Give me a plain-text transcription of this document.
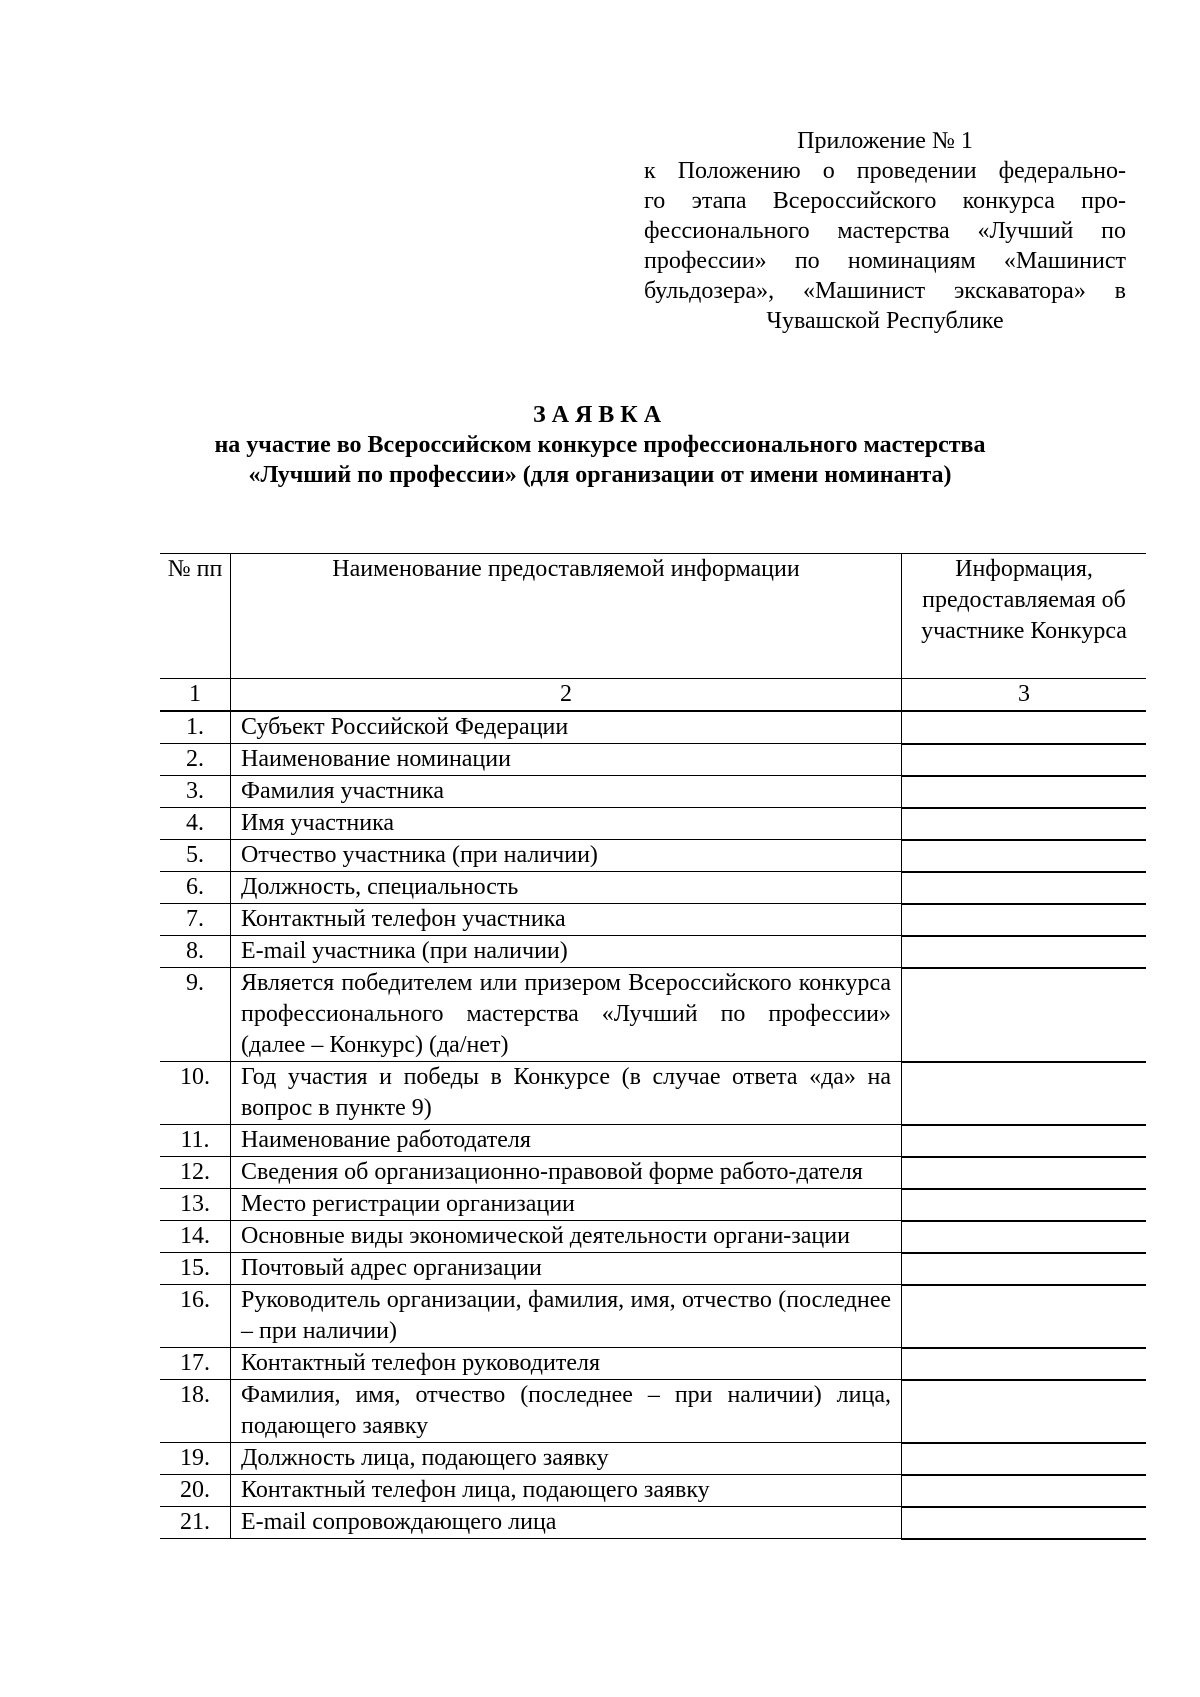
Приложение № 1
к Положению о проведении федерально-
го этапа Всероссийского конкурса про-
фессионального мастерства «Лучший по
профессии» по номинациям «Машинист
бульдозера», «Машинист экскаватора» в
Чувашской Республике
ЗАЯВКА
на участие во Всероссийском конкурсе профессионального мастерства
«Лучший по профессии» (для организации от имени номинанта)
№ пп	Наименование предоставляемой информации	Информация, предоставляемая об участнике Конкурса
1	2	3
1.	Субъект Российской Федерации	
2.	Наименование номинации	
3.	Фамилия участника	
4.	Имя участника	
5.	Отчество участника (при наличии)	
6.	Должность, специальность	
7.	Контактный телефон участника	
8.	E-mail участника (при наличии)	
9.	Является победителем или призером Всероссийского конкурса профессионального мастерства «Лучший по профессии» (далее – Конкурс) (да/нет)	
10.	Год участия и победы в Конкурсе (в случае ответа «да» на вопрос в пункте 9)	
11.	Наименование работодателя	
12.	Сведения об организационно-правовой форме работо-дателя	
13.	Место регистрации организации	
14.	Основные виды экономической деятельности органи-зации	
15.	Почтовый адрес организации	
16.	Руководитель организации, фамилия, имя, отчество (последнее – при наличии)	
17.	Контактный телефон руководителя	
18.	Фамилия, имя, отчество (последнее – при наличии) лица, подающего заявку	
19.	Должность лица, подающего заявку	
20.	Контактный телефон лица, подающего заявку	
21.	E-mail сопровождающего лица	
